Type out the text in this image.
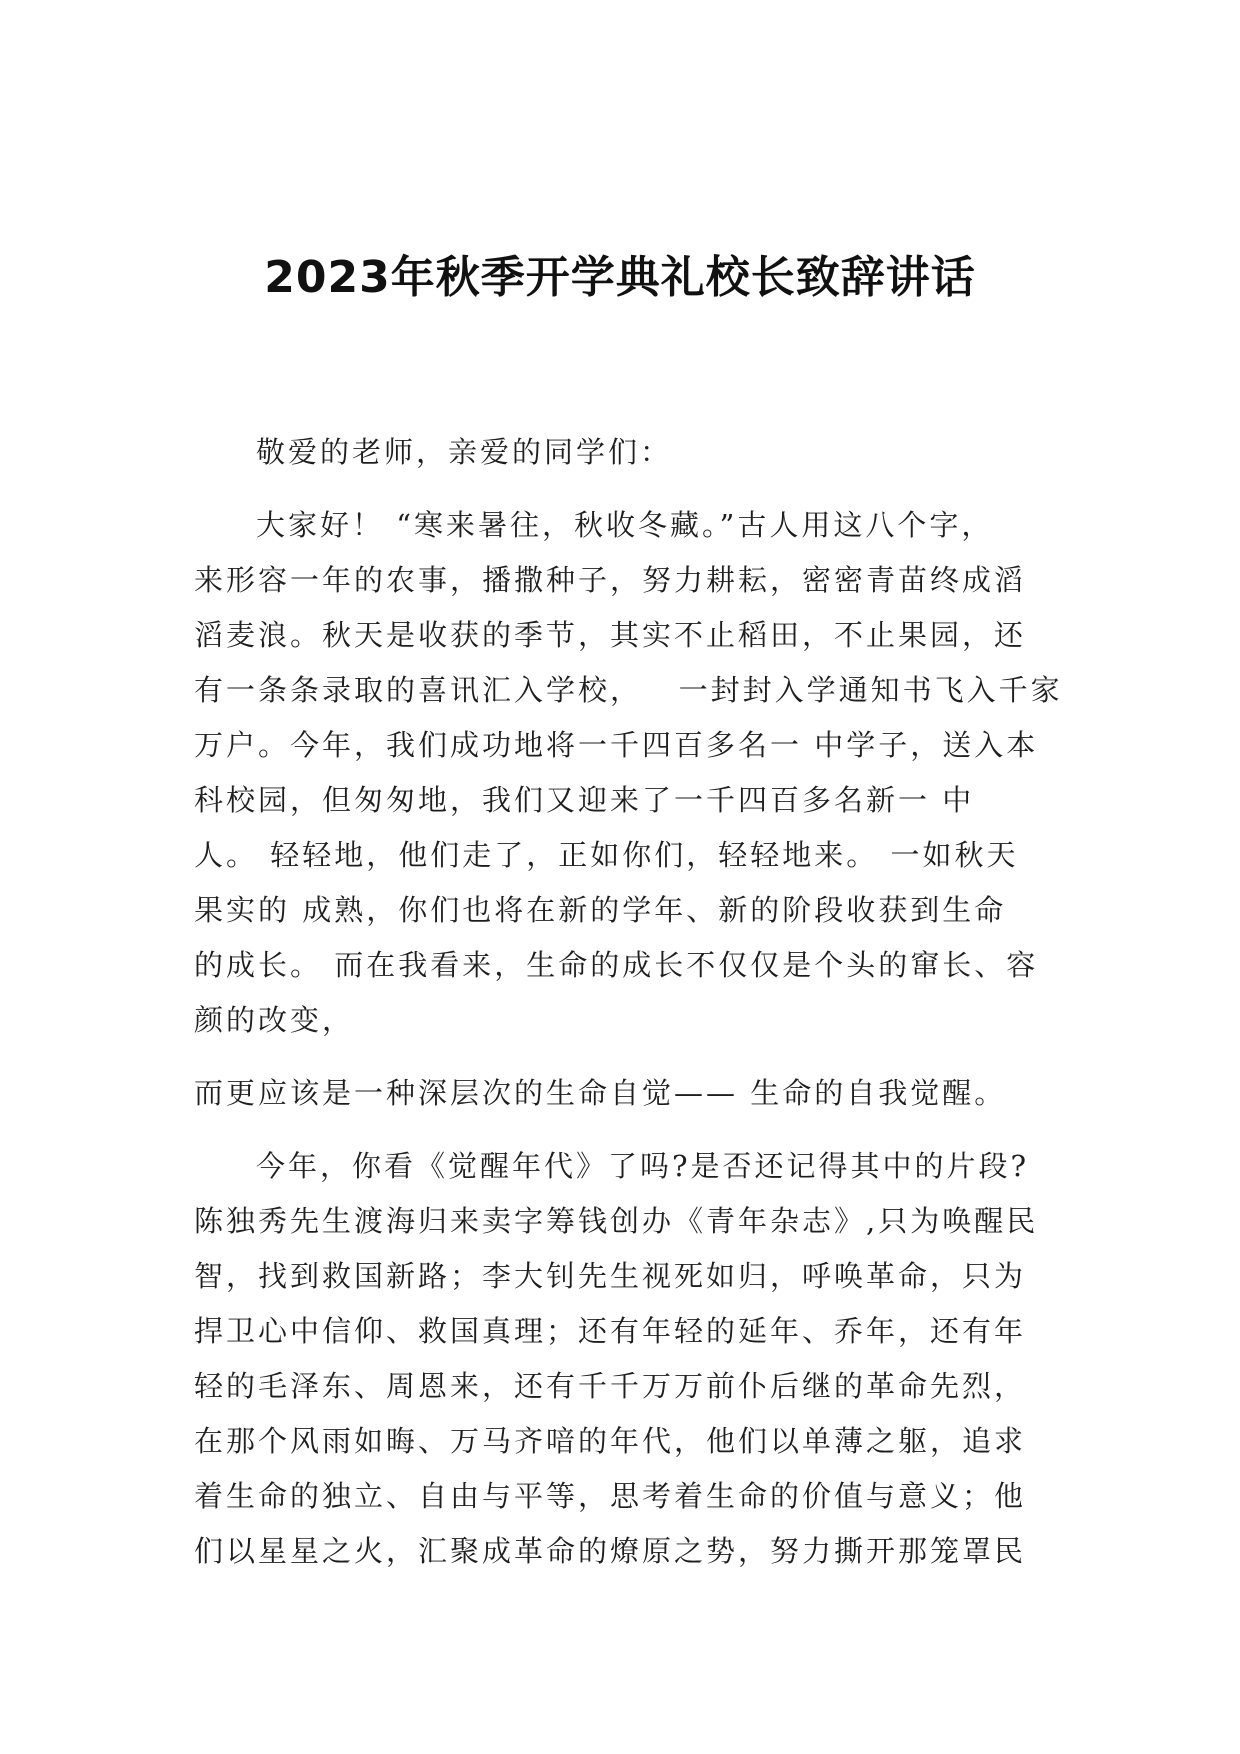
2023年秋季开学典礼校长致辞讲话

敬爱的老师，亲爱的同学们：

大家好！ “寒来暑往，秋收冬藏。”古人用这八个字，

来形容一年的农事，播撒种子，努力耕耘，密密青苗终成滔

滔麦浪。秋天是收获的季节，其实不止稻田，不止果园，还

有一条条录取的喜讯汇入学校，   一封封入学通知书飞入千家

万户。今年，我们成功地将一千四百多名一 中学子，送入本

科校园，但匆匆地，我们又迎来了一千四百多名新一 中

人。 轻轻地，他们走了，正如你们，轻轻地来。 一如秋天

果实的 成熟，你们也将在新的学年、新的阶段收获到生命

的成长。 而在我看来，生命的成长不仅仅是个头的窜长、容

颜的改变，

而更应该是一种深层次的生命自觉—— 生命的自我觉醒。

今年，你看《觉醒年代》了吗?是否还记得其中的片段?

陈独秀先生渡海归来卖字筹钱创办《青年杂志》,只为唤醒民

智，找到救国新路；李大钊先生视死如归，呼唤革命，只为

捍卫心中信仰、救国真理；还有年轻的延年、乔年，还有年

轻的毛泽东、周恩来，还有千千万万前仆后继的革命先烈，

在那个风雨如晦、万马齐喑的年代，他们以单薄之躯，追求

着生命的独立、自由与平等，思考着生命的价值与意义；他

们以星星之火，汇聚成革命的燎原之势，努力撕开那笼罩民
